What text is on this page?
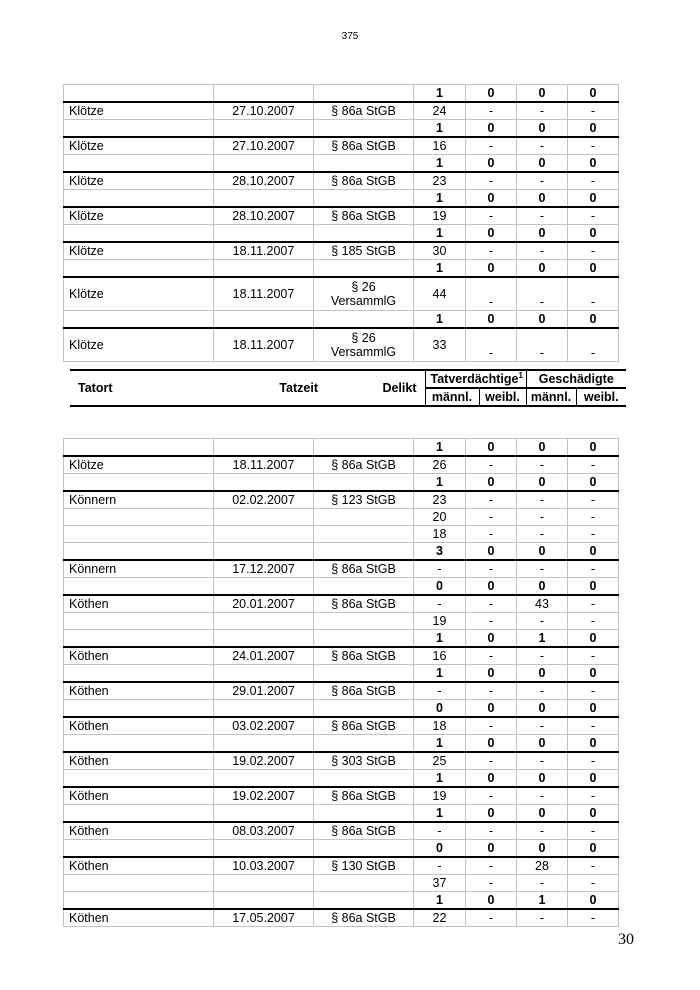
375
			1	0	0	0
Klötze	27.10.2007	§ 86a StGB	24	-	-	-
			1	0	0	0
Klötze	27.10.2007	§ 86a StGB	16	-	-	-
			1	0	0	0
Klötze	28.10.2007	§ 86a StGB	23	-	-	-
			1	0	0	0
Klötze	28.10.2007	§ 86a StGB	19	-	-	-
			1	0	0	0
Klötze	18.11.2007	§ 185 StGB	30	-	-	-
			1	0	0	0
Klötze	18.11.2007	§ 26 VersammlG	44	-	-	-
			1	0	0	0
Klötze	18.11.2007	§ 26 VersammlG	33	-	-	-
Tatort	Tatzeit	Delikt	Tatverdächtige$^1$		Geschädigte	
			männl.	weibl.	männl.	weibl.
			1	0	0	0
Klötze	18.11.2007	§ 86a StGB	26	-	-	-
			1	0	0	0
Könnern	02.02.2007	§ 123 StGB	23	-	-	-
			20	-	-	-
			18	-	-	-
			3	0	0	0
Könnern	17.12.2007	§ 86a StGB	-	-	-	-
			0	0	0	0
Köthen	20.01.2007	§ 86a StGB	-	-	43	-
			19	-	-	-
			1	0	1	0
Köthen	24.01.2007	§ 86a StGB	16	-	-	-
			1	0	0	0
Köthen	29.01.2007	§ 86a StGB	-	-	-	-
			0	0	0	0
Köthen	03.02.2007	§ 86a StGB	18	-	-	-
			1	0	0	0
Köthen	19.02.2007	§ 303 StGB	25	-	-	-
			1	0	0	0
Köthen	19.02.2007	§ 86a StGB	19	-	-	-
			1	0	0	0
Köthen	08.03.2007	§ 86a StGB	-	-	-	-
			0	0	0	0
Köthen	10.03.2007	§ 130 StGB	-	-	28	-
			37	-	-	-
			1	0	1	0
Köthen	17.05.2007	§ 86a StGB	22	-	-	-
30
